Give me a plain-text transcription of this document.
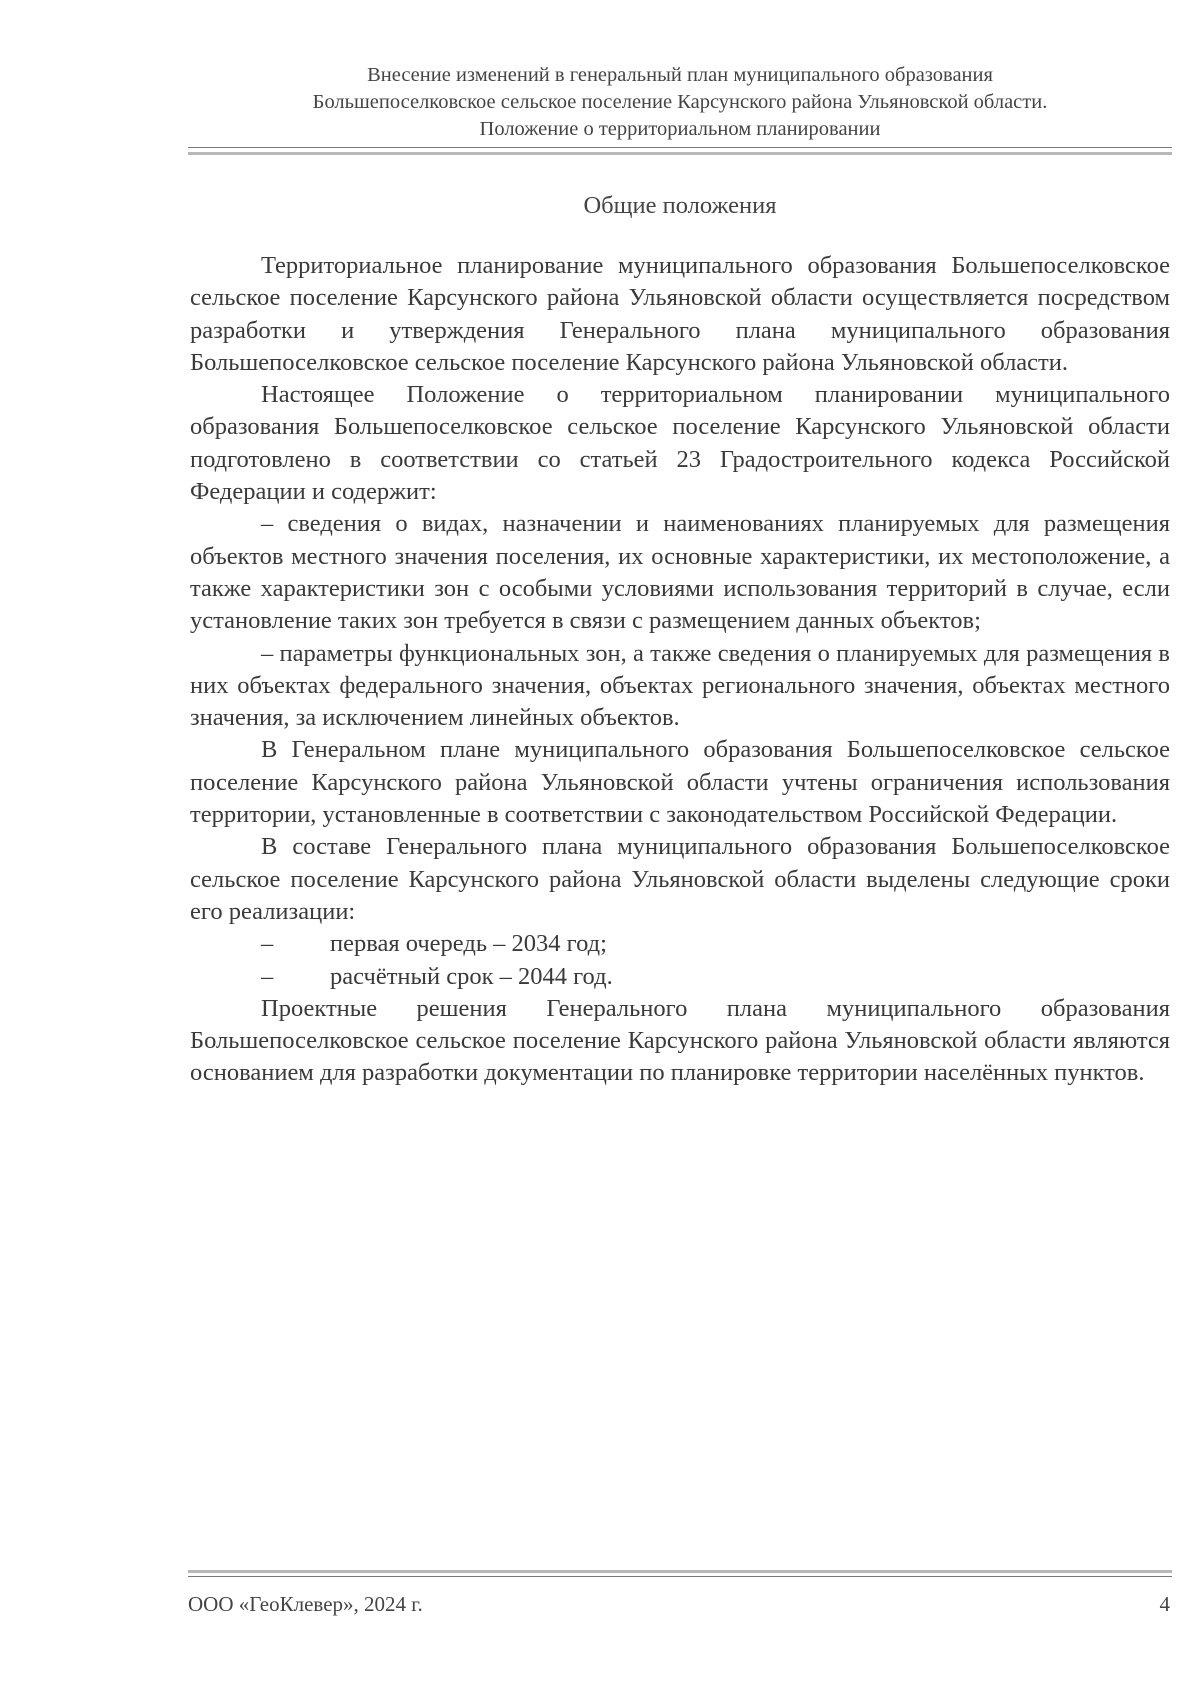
Внесение изменений в генеральный план муниципального образования
Большепоселковское сельское поселение Карсунского района Ульяновской области.
Положение о территориальном планировании
Общие положения

Территориальное планирование муниципального образования Большепоселковское сельское поселение Карсунского района Ульяновской области осуществляется посредством разработки и утверждения Генерального плана муниципального образования Большепоселковское сельское поселение Карсунского района Ульяновской области.

Настоящее Положение о территориальном планировании муниципального образования Большепоселковское сельское поселение Карсунского Ульяновской области подготовлено в соответствии со статьей 23 Градостроительного кодекса Российской Федерации и содержит:

– сведения о видах, назначении и наименованиях планируемых для размещения объектов местного значения поселения, их основные характеристики, их местоположение, а также характеристики зон с особыми условиями использования территорий в случае, если установление таких зон требуется в связи с размещением данных объектов;

– параметры функциональных зон, а также сведения о планируемых для размещения в них объектах федерального значения, объектах регионального значения, объектах местного значения, за исключением линейных объектов.

В Генеральном плане муниципального образования Большепоселковское сельское поселение Карсунского района Ульяновской области учтены ограничения использования территории, установленные в соответствии с законодательством Российской Федерации.

В составе Генерального плана муниципального образования Большепоселковское сельское поселение Карсунского района Ульяновской области выделены следующие сроки его реализации:

–	первая очередь – 2034 год;
–	расчётный срок – 2044 год.

Проектные решения Генерального плана муниципального образования Большепоселковское сельское поселение Карсунского района Ульяновской области являются основанием для разработки документации по планировке территории населённых пунктов.

ООО «ГеоКлевер», 2024 г.	4
